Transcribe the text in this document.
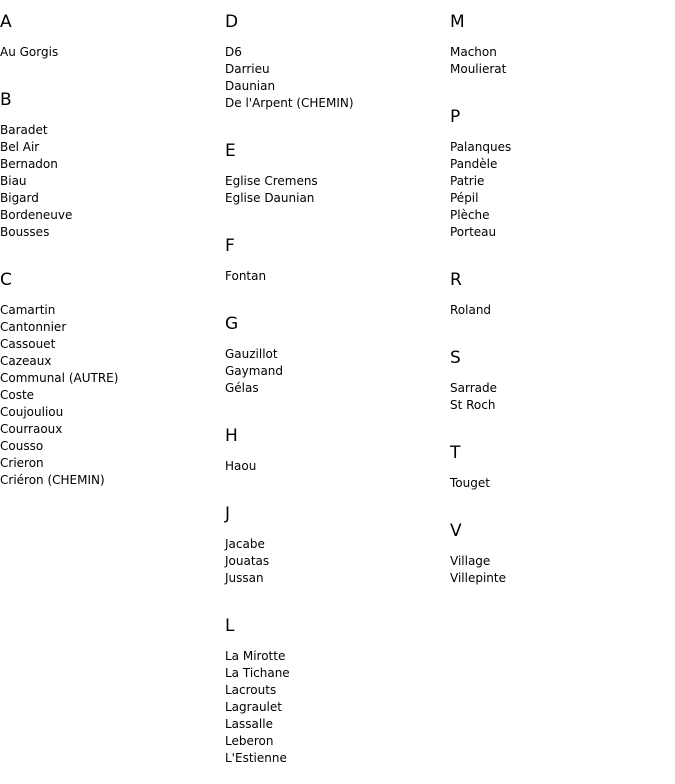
A
Au Gorgis
B
Baradet
Bel Air
Bernadon
Biau
Bigard
Bordeneuve
Bousses
C
Camartin
Cantonnier
Cassouet
Cazeaux
Communal (AUTRE)
Coste
Coujouliou
Courraoux
Cousso
Crieron
Criéron (CHEMIN)
D
D6
Darrieu
Daunian
De l'Arpent (CHEMIN)
E
Eglise Cremens
Eglise Daunian
F
Fontan
G
Gauzillot
Gaymand
Gélas
H
Haou
J
Jacabe
Jouatas
Jussan
L
La Mirotte
La Tichane
Lacrouts
Lagraulet
Lassalle
Leberon
L'Estienne
M
Machon
Moulierat
P
Palanques
Pandèle
Patrie
Pépil
Plèche
Porteau
R
Roland
S
Sarrade
St Roch
T
Touget
V
Village
Villepinte
